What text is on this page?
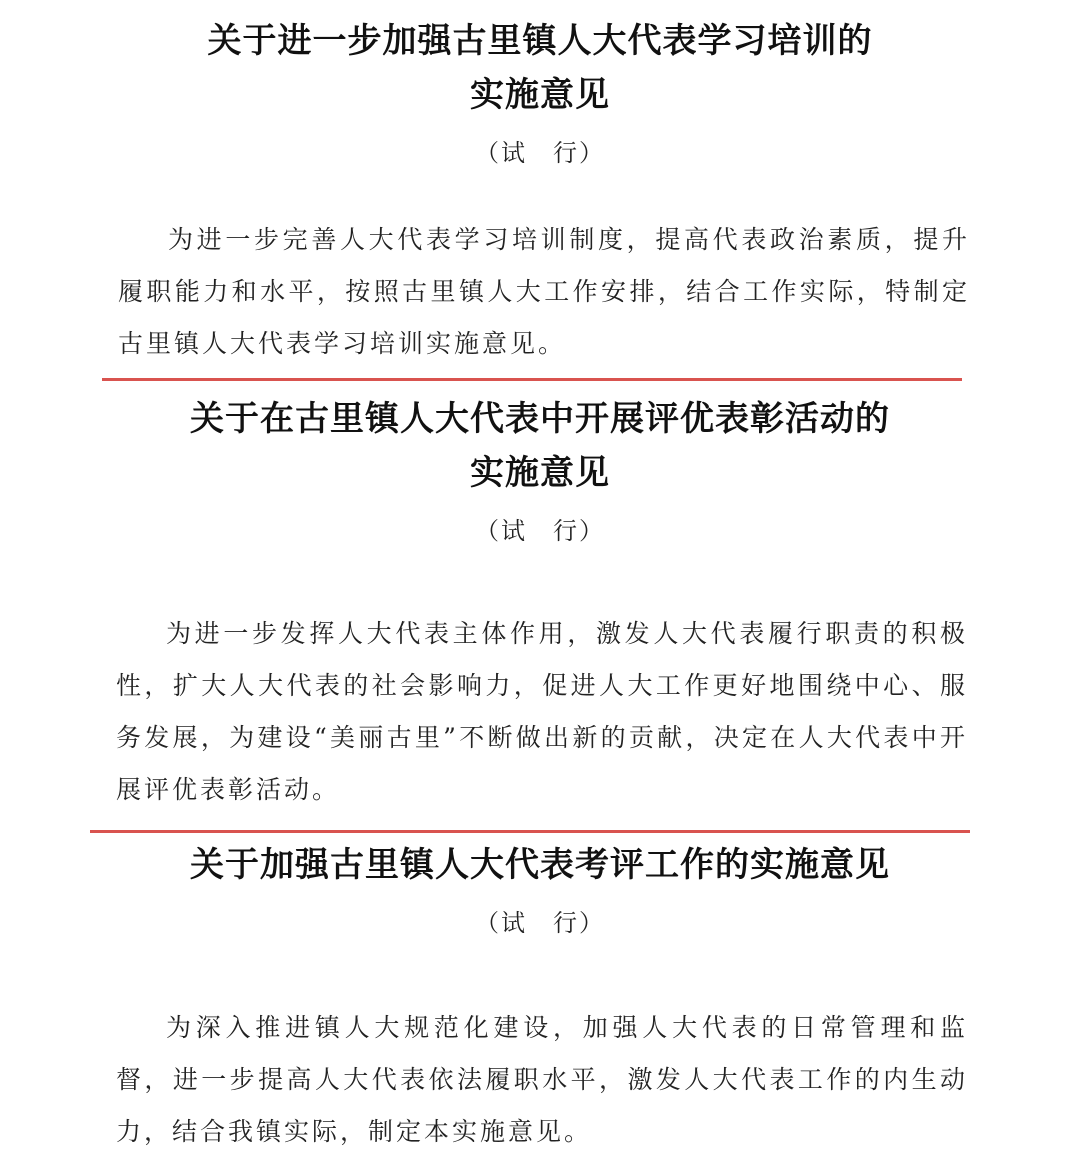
关于进一步加强古里镇人大代表学习培训的

实施意见

（试　行）

为进一步完善人大代表学习培训制度，提高代表政治素质，提升履职能力和水平，按照古里镇人大工作安排，结合工作实际，特制定古里镇人大代表学习培训实施意见。

关于在古里镇人大代表中开展评优表彰活动的

实施意见

（试　行）

为进一步发挥人大代表主体作用，激发人大代表履行职责的积极性，扩大人大代表的社会影响力，促进人大工作更好地围绕中心、服务发展，为建设“美丽古里”不断做出新的贡献，决定在人大代表中开展评优表彰活动。

关于加强古里镇人大代表考评工作的实施意见

（试　行）

为深入推进镇人大规范化建设，加强人大代表的日常管理和监督，进一步提高人大代表依法履职水平，激发人大代表工作的内生动力，结合我镇实际，制定本实施意见。
